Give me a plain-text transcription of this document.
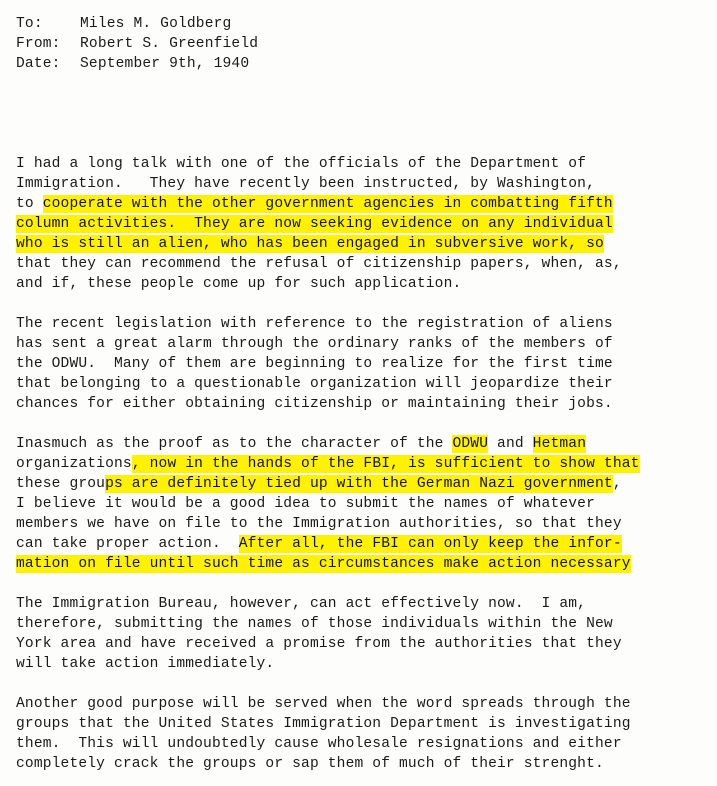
To:	Miles M. Goldberg
From: Robert S. Greenfield
Date: September 9th, 1940
I had a long talk with one of the officials of the Department of
Immigration.   They have recently been instructed, by Washington,
to cooperate with the other government agencies in combatting fifth
column activities.  They are now seeking evidence on any individual
who is still an alien, who has been engaged in subversive work, so
that they can recommend the refusal of citizenship papers, when, as,
and if, these people come up for such application.
The recent legislation with reference to the registration of aliens
has sent a great alarm through the ordinary ranks of the members of
the ODWU.  Many of them are beginning to realize for the first time
that belonging to a questionable organization will jeopardize their
chances for either obtaining citizenship or maintaining their jobs.
Inasmuch as the proof as to the character of the ODWU and Hetman
organizations, now in the hands of the FBI, is sufficient to show that
these groups are definitely tied up with the German Nazi government,
I believe it would be a good idea to submit the names of whatever
members we have on file to the Immigration authorities, so that they
can take proper action.  After all, the FBI can only keep the infor-
mation on file until such time as circumstances make action necessary
The Immigration Bureau, however, can act effectively now.  I am,
therefore, submitting the names of those individuals within the New
York area and have received a promise from the authorities that they
will take action immediately.
Another good purpose will be served when the word spreads through the
groups that the United States Immigration Department is investigating
them.  This will undoubtedly cause wholesale resignations and either
completely crack the groups or sap them of much of their strenght.
